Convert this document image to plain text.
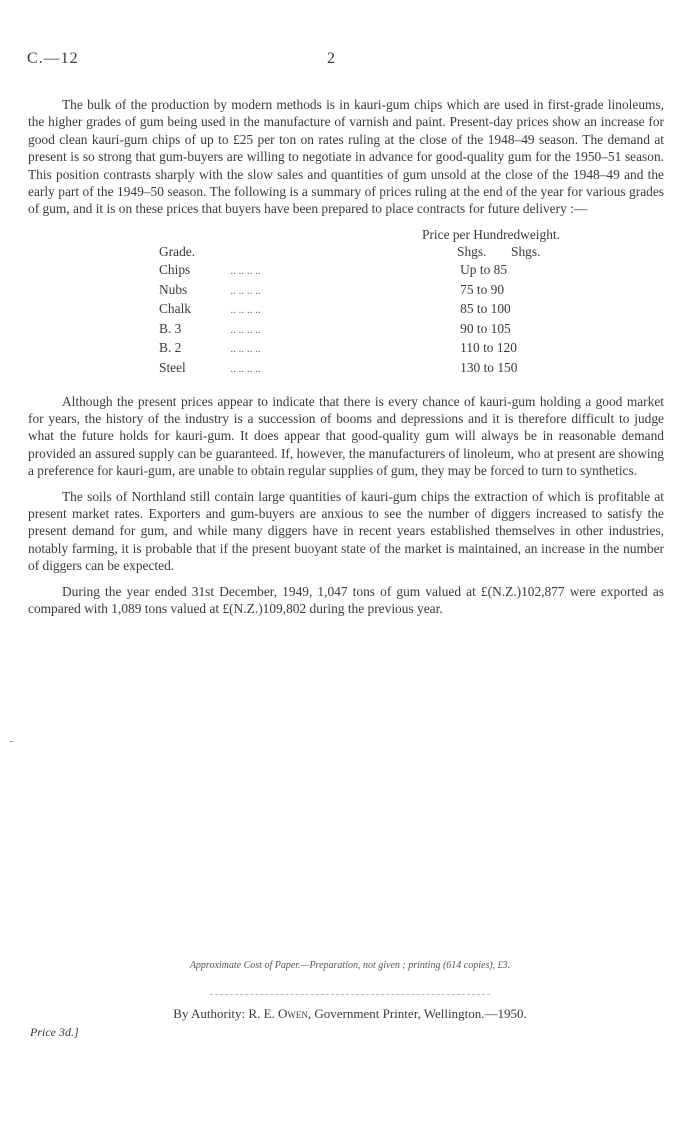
C.—12	2

The bulk of the production by modern methods is in kauri-gum chips which are used in first-grade linoleums, the higher grades of gum being used in the manufacture of varnish and paint. Present-day prices show an increase for good clean kauri-gum chips of up to £25 per ton on rates ruling at the close of the 1948–49 season. The demand at present is so strong that gum-buyers are willing to negotiate in advance for good-quality gum for the 1950–51 season. This position contrasts sharply with the slow sales and quantities of gum unsold at the close of the 1948–49 and the early part of the 1949–50 season. The following is a summary of prices ruling at the end of the year for various grades of gum, and it is on these prices that buyers have been prepared to place contracts for future delivery :—

Price per Hundredweight.
Grade.	Shgs.	Shgs.
Chips	.. .. .. ..	Up to 85
Nubs	.. .. .. ..	75 to 90
Chalk	.. .. .. ..	85 to 100
B. 3	.. .. .. ..	90 to 105
B. 2	.. .. .. ..	110 to 120
Steel	.. .. .. ..	130 to 150

Although the present prices appear to indicate that there is every chance of kauri-gum holding a good market for years, the history of the industry is a succession of booms and depressions and it is therefore difficult to judge what the future holds for kauri-gum. It does appear that good-quality gum will always be in reasonable demand provided an assured supply can be guaranteed. If, however, the manufacturers of linoleum, who at present are showing a preference for kauri-gum, are unable to obtain regular supplies of gum, they may be forced to turn to synthetics.

The soils of Northland still contain large quantities of kauri-gum chips the extraction of which is profitable at present market rates. Exporters and gum-buyers are anxious to see the number of diggers increased to satisfy the present demand for gum, and while many diggers have in recent years established themselves in other industries, notably farming, it is probable that if the present buoyant state of the market is maintained, an increase in the number of diggers can be expected.

During the year ended 31st December, 1949, 1,047 tons of gum valued at £(N.Z.)102,877 were exported as compared with 1,089 tons valued at £(N.Z.)109,802 during the previous year.

Approximate Cost of Paper.—Preparation, not given ; printing (614 copies), £3.
By Authority: R. E. Owen, Government Printer, Wellington.—1950.
Price 3d.]
